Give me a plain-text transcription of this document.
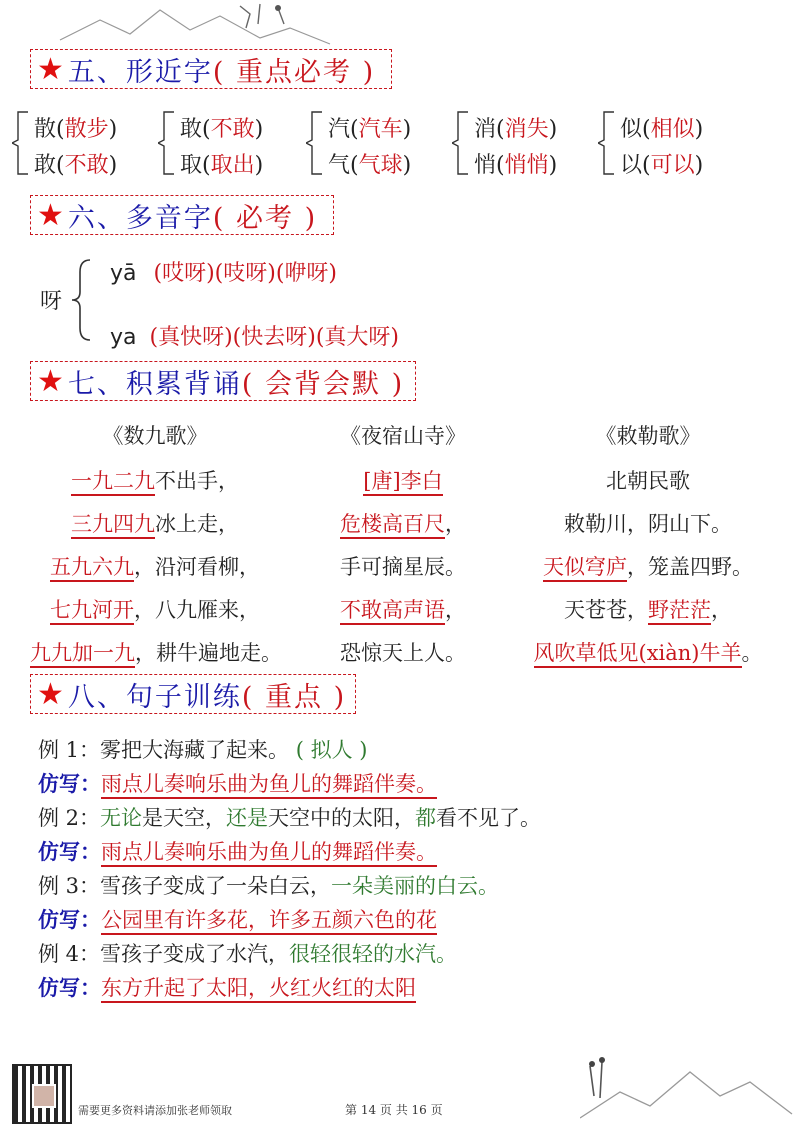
★ 五、形近字 ( 重点必考 )
散(散步)
敢(不敢)
敢(不敢)
取(取出)
汽(汽车)
气(气球)
消(消失)
悄(悄悄)
似(相似)
以(可以)
★ 六、多音字 ( 必考 )
呀
yā (哎呀)(吱呀)(咿呀)
ya (真快呀)(快去呀)(真大呀)
★ 七、积累背诵 ( 会背会默 )
《数九歌》
一九二九不出手，
三九四九冰上走，
五九六九，沿河看柳，
七九河开，八九雁来，
九九加一九，耕牛遍地走。
《夜宿山寺》
[唐]李白
危楼高百尺，
手可摘星辰。
不敢高声语，
恐惊天上人。
《敕勒歌》
北朝民歌
敕勒川，阴山下。
天似穹庐，笼盖四野。
天苍苍，野茫茫，
风吹草低见(xiàn)牛羊。
★ 八、句子训练 ( 重点 )
例 1：雾把大海藏了起来。 ( 拟人 )
仿写：雨点儿奏响乐曲为鱼儿的舞蹈伴奏。
例 2：无论是天空，还是天空中的太阳，都看不见了。
仿写：雨点儿奏响乐曲为鱼儿的舞蹈伴奏。
例 3：雪孩子变成了一朵白云，一朵美丽的白云。
仿写：公园里有许多花，许多五颜六色的花
例 4：雪孩子变成了水汽，很轻很轻的水汽。
仿写：东方升起了太阳，火红火红的太阳
需要更多资料请添加张老师领取	第 14 页 共 16 页
